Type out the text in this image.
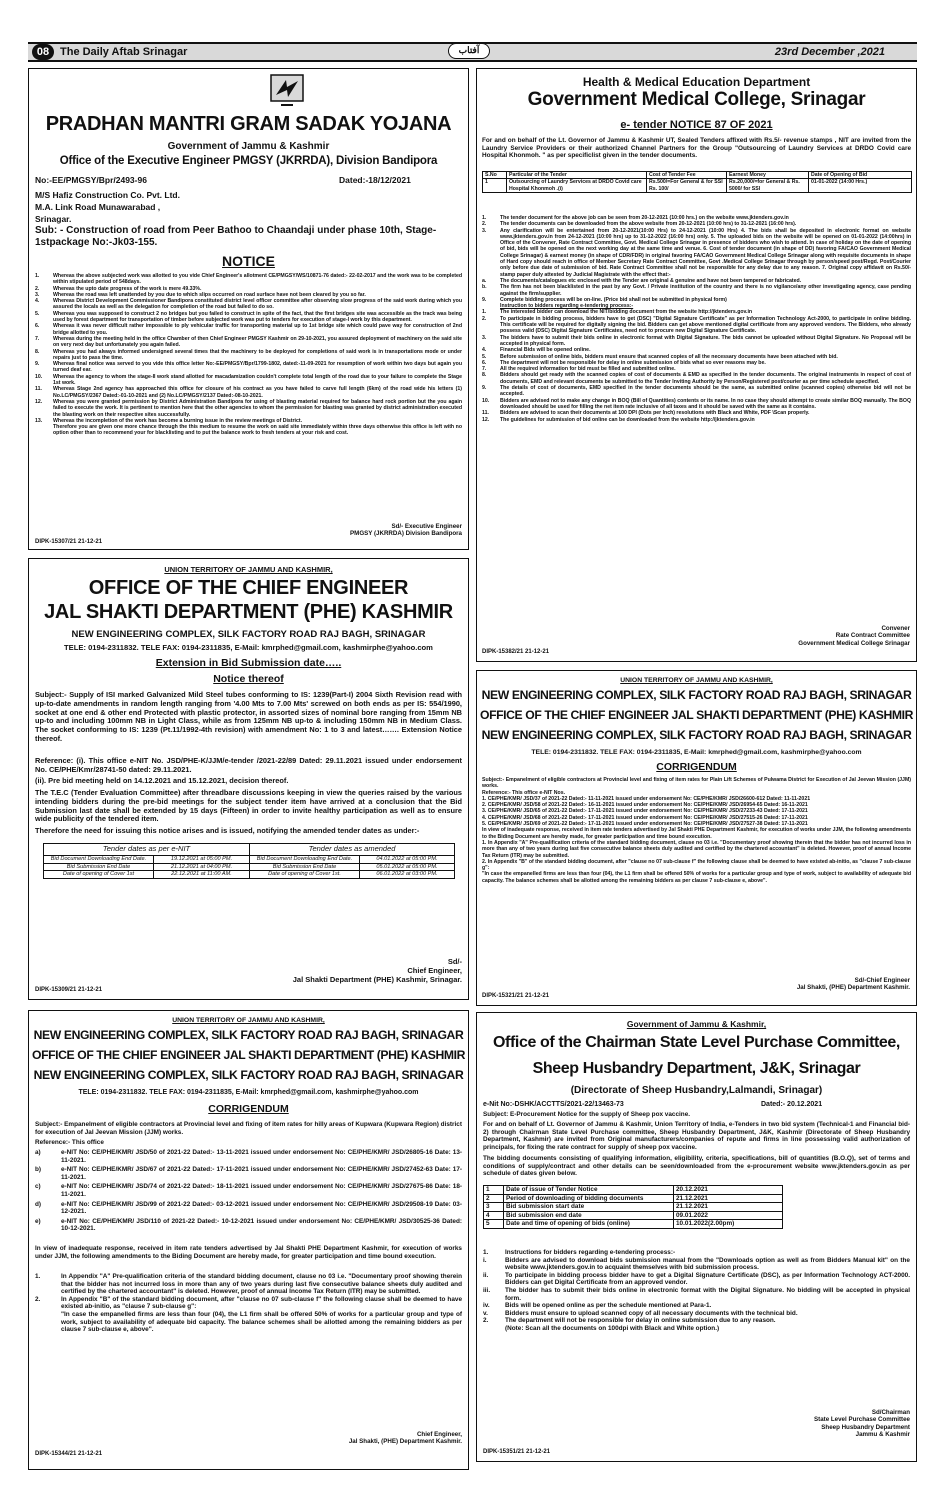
08 The Daily Aftab Srinagar	آفتاب	23rd December ,2021
PRADHAN MANTRI GRAM SADAK YOJANA
Government of Jammu & Kashmir
Office of the Executive Engineer PMGSY (JKRRDA), Division Bandipora
No:-EE/PMGSY/Bpr/2493-96	Dated:-18/12/2021
M/S Hafiz Construction Co. Pvt. Ltd.
M.A. Link Road Munawarabad ,
Srinagar.
Sub: - Construction of road from Peer Bathoo to Chaandaji under phase 10th, Stage-1stpackage No:-Jk03-155.
NOTICE
1.	Whereas the above subjected work was allotted to you vide Chief Engineer's allotment CE/PMGSY/WS/10871-76 dated:- 22-02-2017 and the work was to be completed within stipulated period of 548days.
2.	Whereas the upto date progress of the work is mere 49.33%.
3.	Whereas the road was left unattended by you due to which slips occurred on road surface have not been cleared by you so far.
4.	Whereas District Development Commissioner Bandipora constituted district level officer committee after observing slow progress of the said work during which you assured the locals as well as the delegation for completion of the road but failed to do so.
5.	Whereas you was supposed to construct 2 no bridges but you failed to construct in spite of the fact, that the first bridges site was accessible as the track was being used by forest department for transportation of timber before subjected work was put to tenders for execution of stage-I work by this department.
6.	Whereas it was never difficult rather impossible to ply vehicular traffic for transporting material up to 1st bridge site which could pave way for construction of 2nd bridge allotted to you.
7.	Whereas during the meeting held in the office Chamber of then Chief Engineer PMGSY Kashmir on 29-10-2021, you assured deployment of machinery on the said site on very next day but unfortunately you again failed.
8.	Whereas you had always informed undersigned several times that the machinery to be deployed for completions of said work is in transportations mode or under repairs just to pass the time.
9.	Whereas final notice was served to you vide this office letter No:-EE/PMGSY/Bpr/1799-1802, dated:-11-09-2021 for resumption of work within two days but again you turned deaf ear.
10.	Whereas the agency to whom the stage-II work stand allotted for macadamization couldn't complete total length of the road due to your failure to complete the Stage 1st work.
11.	Whereas Stage 2nd agency has approached this office for closure of his contract as you have failed to carve full length (6km) of the road wide his letters (1) No.LC/PMGSY/2367 Dated:-01-10-2021 and (2) No.LC/PMGSY/2137 Dated:-08-10-2021.
12.	Whereas you were granted permission by District Administration Bandipora for using of blasting material required for balance hard rock portion but the you again failed to execute the work. It is pertinent to mention here that the other agencies to whom the permission for blasting was granted by district administration executed the blasting work on their respective sites successfully.
13.	Whereas the incompletion of the work has become a burning issue in the review meetings of District.
Therefore you are given one more chance through the this medium to resume the work on said site immediately within three days otherwise this office is left with no option other than to recommend your for blacklisting and to put the balance work to fresh tenders at your risk and cost.
Sd/- Executive Engineer
PMGSY (JKRRDA) Division Bandipora
DIPK-15307/21 21-12-21
Health & Medical Education Department
Government Medical College, Srinagar
e- tender NOTICE 87 OF 2021
For and on behalf of the Lt. Governor of Jammu & Kashmir UT, Sealed Tenders affixed with Rs.5/- revenue stamps , NIT are invited from the Laundry Service Providers or their authorized Channel Partners for the Group "Outsourcing of Laundry Services at DRDO Covid care Hospital Khonmoh. " as per specificlist given in the tender documents.
S.No	Particular of the Tender	Cost of Tender Fee	Earnest Money	Date of Opening of Bid
1	Outsourcing of Laundry Services at DRDO Covid care Hospital Khonmoh .(i)	Rs.500/=For General & for SSI Rs. 100/	Rs.20,000/=for General & Rs. 5000/ for SSI	01-01-2022 (14:00 Hrs.)
1.	The tender document for the above job can be seen from 20-12-2021 (10:00 hrs.) on the website www.jktenders.gov.in
2.	The tender documents can be downloaded from the above website from 20-12-2021 (10:00 hrs) to 31-12-2021 (16:00 hrs).
3.	Any clarification will be entertained from 20-12-2021(10:00 Hrs) to 24-12-2021 (10:00 Hrs) 4. The bids shall be deposited in electronic format on website www.jktenders.gov.in from 24-12-2021 (10:00 hrs) up to 31-12-2022 (16:00 hrs) only. 5. The uploaded bids on the website will be opened on 01-01-2022 (14:00hrs) in Office of the Convener, Rate Contract Committee, Govt. Medical College Srinagar in presence of bidders who wish to attend. In case of holiday on the date of opening of bid, bids will be opened on the next working day at the same time and venue. 6. Cost of tender document (in shape of DD) favoring FA/CAO Government Medical College Srinagar) & earnest money (in shape of CDR/FDR) in original favoring FA/CAO Government Medical College Srinagar along with requisite documents in shape of Hard copy should reach in office of Member Secretary Rate Contract Committee, Govt .Medical College Srinagar through by person/speed post/Regd. Post/Courier only before due date of submission of bid. Rate Contract Committee shall not be responsible for any delay due to any reason. 7. Original copy affidavit on Rs.50/- stamp paper duly attested by Judicial Magistrate with the effect that:-
a.	The documents/catalogues etc enclosed with the Tender are original & genuine and have not been tampered or fabricated.
b.	The firm has not been blacklisted in the past by any Govt. / Private institution of the country and there is no vigilance/any other investigating agency, case pending against the firm/supplier.
9.	Complete bidding process will be on-line. (Price bid shall not be submitted in physical form)
Instruction to bidders regarding e-tendering process:-
1.	The interested bidder can download the NIT/bidding document from the website http://jktenders.gov.in
2.	To participate in bidding process, bidders have to get (DSC) "Digital Signature Certificate" as per Information Technology Act-2000, to participate in online bidding. This certificate will be required for digitally signing the bid. Bidders can get above mentioned digital certificate from any approved vendors. The Bidders, who already possess valid (DSC) Digital Signature Certificates, need not to procure new Digital Signature Certificate.
3.	The bidders have to submit their bids online in electronic format with Digital Signature. The bids cannot be uploaded without Digital Signature. No Proposal will be accepted in physical form.
4.	Financial Bids will be opened online.
5.	Before submission of online bids, bidders must ensure that scanned copies of all the necessary documents have been attached with bid.
6.	The department will not be responsible for delay in online submission of bids what so ever reasons may be.
7.	All the required information for bid must be filled and submitted online.
8.	Bidders should get ready with the scanned copies of cost of documents & EMD as specified in the tender documents. The original instruments in respect of cost of documents, EMD and relevant documents be submitted to the Tender Inviting Authority by Person/Registered post/courier as per time schedule specified.
9.	The details of cost of documents, EMD specified in the tender documents should be the same, as submitted online (scanned copies) otherwise bid will not be accepted.
10.	Bidders are advised not to make any change in BOQ (Bill of Quantities) contents or its name. In no case they should attempt to create similar BOQ manually. The BOQ downloaded should be used for filling the net item rate inclusive of all taxes and it should be saved with the same as it contains.
11.	Bidders are advised to scan their documents at 100 DPI (Dots per Inch) resolutions with Black and White, PDF \Scan properly.
12.	The guidelines for submission of bid online can be downloaded from the website http://jktenders.gov.in
Convener
Rate Contract Committee
Government Medical College Srinagar
DIPK-15382/21 21-12-21
UNION TERRITORY OF JAMMU AND KASHMIR,
OFFICE OF THE CHIEF ENGINEER
JAL SHAKTI DEPARTMENT (PHE) KASHMIR
NEW ENGINEERING COMPLEX, SILK FACTORY ROAD RAJ BAGH, SRINAGAR
TELE: 0194-2311832. TELE FAX: 0194-2311835, E-Mail: kmrphed@gmail.com, kashmirphe@yahoo.com
Extension in Bid Submission date…..
Notice thereof
Subject:- Supply of ISI marked Galvanized Mild Steel tubes conforming to IS: 1239(Part-I) 2004 Sixth Revision read with up-to-date amendments in random length ranging from '4.00 Mts to 7.00 Mts' screwed on both ends as per IS: 554/1990, socket at one end & other end Protected with plastic protector, in assorted sizes of nominal bore ranging from 15mm NB up-to and including 100mm NB in Light Class, while as from 125mm NB up-to & including 150mm NB in Medium Class. The socket conforming to IS: 1239 (Pt.11/1992-4th revision) with amendment No: 1 to 3 and latest……. Extension Notice thereof.
Reference: (i). This office e-NIT No. JSD/PHE-K/JJM/e-tender /2021-22/89 Dated: 29.11.2021 issued under endorsement No. CE/PHE/Kmr/28741-50 dated: 29.11.2021.
(ii). Pre bid meeting held on 14.12.2021 and 15.12.2021, decision thereof.
The T.E.C (Tender Evaluation Committee) after threadbare discussions keeping in view the queries raised by the various intending bidders during the pre-bid meetings for the subject tender item have arrived at a conclusion that the Bid Submission last date shall be extended by 15 days (Fifteen) in order to invite healthy participation as well as to ensure wide publicity of the tendered item.
Therefore the need for issuing this notice arises and is issued, notifying the amended tender dates as under:-
Tender dates as per e-NIT		Tender dates as amended	
Bid Document Downloading End Date.	19.12.2021 at 05:00 PM.	Bid Document Downloading End Date.	04.01.2022 at 05:00 PM.
Bid Submission End Date	21.12.2021 at 04:00 PM.	Bid Submission End Date	05.01.2022 at 05:00 PM.
Date of opening of Cover 1st	22.12.2021 at 11:00 AM.	Date of opening of Cover 1st.	06.01.2022 at 03:00 PM.
Sd/-
Chief Engineer,
Jal Shakti Department (PHE) Kashmir, Srinagar.
DIPK-15309/21 21-12-21
UNION TERRITORY OF JAMMU AND KASHMIR,
NEW ENGINEERING COMPLEX, SILK FACTORY ROAD RAJ BAGH, SRINAGAR
OFFICE OF THE CHIEF ENGINEER JAL SHAKTI DEPARTMENT (PHE) KASHMIR
NEW ENGINEERING COMPLEX, SILK FACTORY ROAD RAJ BAGH, SRINAGAR
TELE: 0194-2311832. TELE FAX: 0194-2311835, E-Mail: kmrphed@gmail.com, kashmirphe@yahoo.com
CORRIGENDUM
Subject:- Empanelment of eligible contractors at Provincial level and fixing of item rates for Plain Lift Schemes of Pulwama District for Execution of Jal Jeevan Mission (JJM) works.
Reference:- This office e-NIT Nos.
1. CE/PHE/KMR/ JSD/37 of 2021-22 Dated:- 11-11-2021 issued under endorsement No: CE/PHE/KMR/ JSD/26600-612 Dated: 11-11-2021
2. CE/PHE/KMR/ JSD/58 of 2021-22 Dated:- 16-11-2021 issued under endorsement No: CE/PHE/KMR/ JSD/26954-65 Dated: 16-11-2021
3. CE/PHE/KMR/ JSD/65 of 2021-22 Dated:- 17-11-2021 issued under endorsement No: CE/PHE/KMR/ JSD/27233-43 Dated: 17-11-2021
4. CE/PHE/KMR/ JSD/68 of 2021-22 Dated:- 17-11-2021 issued under endorsement No: CE/PHE/KMR/ JSD/27515-26 Dated: 17-11-2021
5. CE/PHE/KMR/ JSD/69 of 2021-22 Dated:- 17-11-2021 issued under endorsement No: CE/PHE/KMR/ JSD/27527-38 Dated: 17-11-2021
In view of inadequate response, received in item rate tenders advertised by Jal Shakti PHE Department Kashmir, for execution of works under JJM, the following amendments to the Biding Document are hereby made, for greater participation and time bound execution.
1. In Appendix "A" Pre-qualification criteria of the standard bidding document, clause no 03 i.e. "Documentary proof showing therein that the bidder has not incurred loss in more than any of two years during last five consecutive balance sheets duly audited and certified by the chartered accountant" is deleted. However, proof of annual Income Tax Return (ITR) may be submitted.
2. In Appendix "B" of the standard bidding document, after "clause no 07 sub-clause f" the following clause shall be deemed to have existed ab-initio, as "clause 7 sub-clause g":
"In case the empanelled firms are less than four (04), the L1 firm shall be offered 50% of works for a particular group and type of work, subject to availability of adequate bid capacity. The balance schemes shall be allotted among the remaining bidders as per clause 7 sub-clause e, above".
Sd/-Chief Engineer
Jal Shakti, (PHE) Department Kashmir.
DIPK-15321/21 21-12-21
UNION TERRITORY OF JAMMU AND KASHMIR,
NEW ENGINEERING COMPLEX, SILK FACTORY ROAD RAJ BAGH, SRINAGAR
OFFICE OF THE CHIEF ENGINEER JAL SHAKTI DEPARTMENT (PHE) KASHMIR
NEW ENGINEERING COMPLEX, SILK FACTORY ROAD RAJ BAGH, SRINAGAR
TELE: 0194-2311832. TELE FAX: 0194-2311835, E-Mail: kmrphed@gmail.com, kashmirphe@yahoo.com
CORRIGENDUM
Subject:- Empanelment of eligible contractors at Provincial level and fixing of item rates for hilly areas of Kupwara (Kupwara Region) district for execution of Jal Jeevan Mission (JJM) works.
Reference:- This office
a)	e-NIT No: CE/PHE/KMR/ JSD/50 of 2021-22 Dated:- 13-11-2021 issued under endorsement No: CE/PHE/KMR/ JSD/26805-16 Date: 13-11-2021.
b)	e-NIT No: CE/PHE/KMR/ JSD/67 of 2021-22 Dated:- 17-11-2021 issued under endorsement No: CE/PHE/KMR/ JSD/27452-63 Date: 17-11-2021.
c)	e-NIT No: CE/PHE/KMR/ JSD/74 of 2021-22 Dated:- 18-11-2021 issued under endorsement No: CE/PHE/KMR/ JSD/27675-86 Date: 18-11-2021.
d)	e-NIT No: CE/PHE/KMR/ JSD/99 of 2021-22 Dated:- 03-12-2021 issued under endorsement No: CE/PHE/KMR/ JSD/29508-19 Date: 03-12-2021.
e)	e-NIT No: CE/PHE/KMR/ JSD/110 of 2021-22 Dated:- 10-12-2021 issued under endorsement No: CE/PHE/KMR/ JSD/30525-36 Dated: 10-12-2021.
In view of inadequate response, received in item rate tenders advertised by Jal Shakti PHE Department Kashmir, for execution of works under JJM, the following amendments to the Biding Document are hereby made, for greater participation and time bound execution.
1.	In Appendix "A" Pre-qualification criteria of the standard bidding document, clause no 03 i.e. "Documentary proof showing therein that the bidder has not incurred loss in more than any of two years during last five consecutive balance sheets duly audited and certified by the chartered accountant" is deleted. However, proof of annual Income Tax Return (ITR) may be submitted.
2.	In Appendix "B" of the standard bidding document, after "clause no 07 sub-clause f" the following clause shall be deemed to have existed ab-initio, as "clause 7 sub-clause g":
"In case the empanelled firms are less than four (04), the L1 firm shall be offered 50% of works for a particular group and type of work, subject to availability of adequate bid capacity. The balance schemes shall be allotted among the remaining bidders as per clause 7 sub-clause e, above".
Chief Engineer,
Jal Shakti, (PHE) Department Kashmir.
DIPK-15344/21 21-12-21
Government of Jammu & Kashmir,
Office of the Chairman State Level Purchase Committee,
Sheep Husbandry Department, J&K, Srinagar
(Directorate of Sheep Husbandry,Lalmandi, Srinagar)
e-Nit No:-DSHK/ACCTTS/2021-22/13463-73	Dated:- 20.12.2021
Subject: E-Procurement Notice for the supply of Sheep pox vaccine.
For and on behalf of Lt. Governor of Jammu & Kashmir, Union Territory of India, e-Tenders in two bid system (Technical-1 and Financial bid-2) through Chairman State Level Purchase committee, Sheep Husbandry Department, J&K, Kashmir (Directorate of Sheep Husbandry Department, Kashmir) are invited from Original manufacturers/companies of repute and firms in line possessing valid authorization of principals, for fixing the rate contract for supply of sheep pox vaccine.
The bidding documents consisting of qualifying information, eligibility, criteria, specifications, bill of quantities (B.O.Q), set of terms and conditions of supply/contract and other details can be seen/downloaded from the e-procurement website www.jktenders.gov.in as per schedule of dates given below.
1	Date of issue of Tender Notice	20.12.2021
2	Period of downloading of bidding documents	21.12.2021
3	Bid submission start date	21.12.2021
4	Bid submission end date	09.01.2022
5	Date and time of opening of bids (online)	10.01.2022(2.00pm)
1.	Instructions for bidders regarding e-tendering process:-
i.	Bidders are advised to download bids submission manual from the "Downloads option as well as from Bidders Manual kit" on the website www.jktenders.gov.in to acquaint themselves with bid submission process.
ii.	To participate in bidding process bidder have to get a Digital Signature Certificate (DSC), as per Information Technology ACT-2000. Bidders can get Digital Certificate from an approved vendor.
iii.	The bidder has to submit their bids online in electronic format with the Digital Signature. No bidding will be accepted in physical form.
iv.	Bids will be opened online as per the schedule mentioned at Para-1.
v.	Bidders must ensure to upload scanned copy of all necessary documents with the technical bid.
2.	The department will not be responsible for delay in online submission due to any reason.
(Note: Scan all the documents on 100dpi with Black and White option.)
Sd/Chairman
State Level Purchase Committee
Sheep Husbandry Department
Jammu & Kashmir
DIPK-15351/21 21-12-21
